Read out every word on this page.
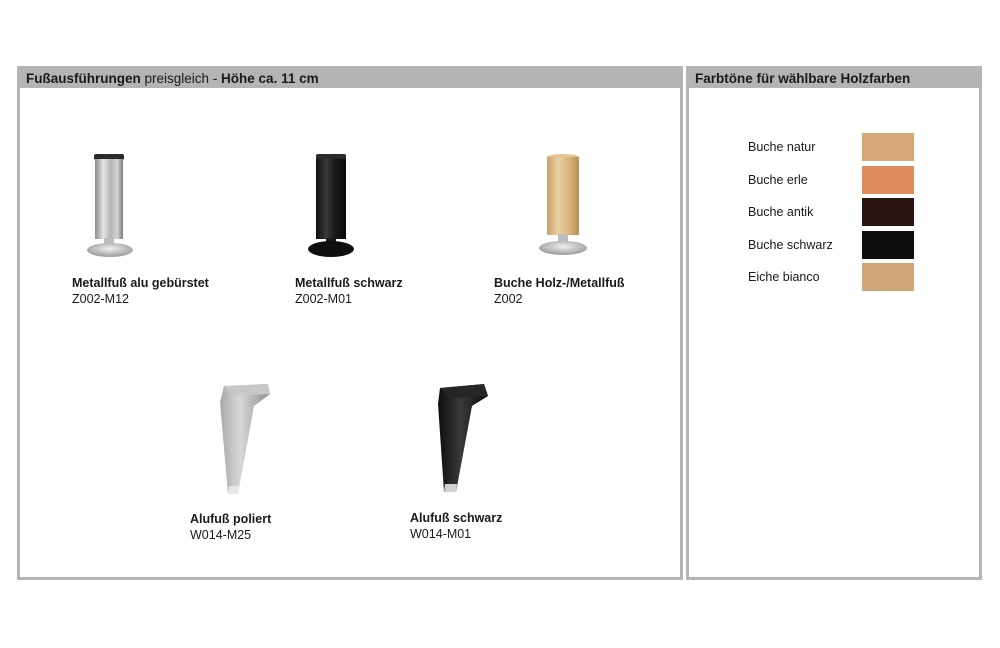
Fußausführungen preisgleich - Höhe ca. 11 cm
Metallfuß alu gebürstet
Z002-M12
Metallfuß schwarz
Z002-M01
Buche Holz-/Metallfuß
Z002
Alufuß poliert
W014-M25
Alufuß schwarz
W014-M01
Farbtöne für wählbare Holzfarben
Buche natur
Buche erle
Buche antik
Buche schwarz
Eiche bianco
